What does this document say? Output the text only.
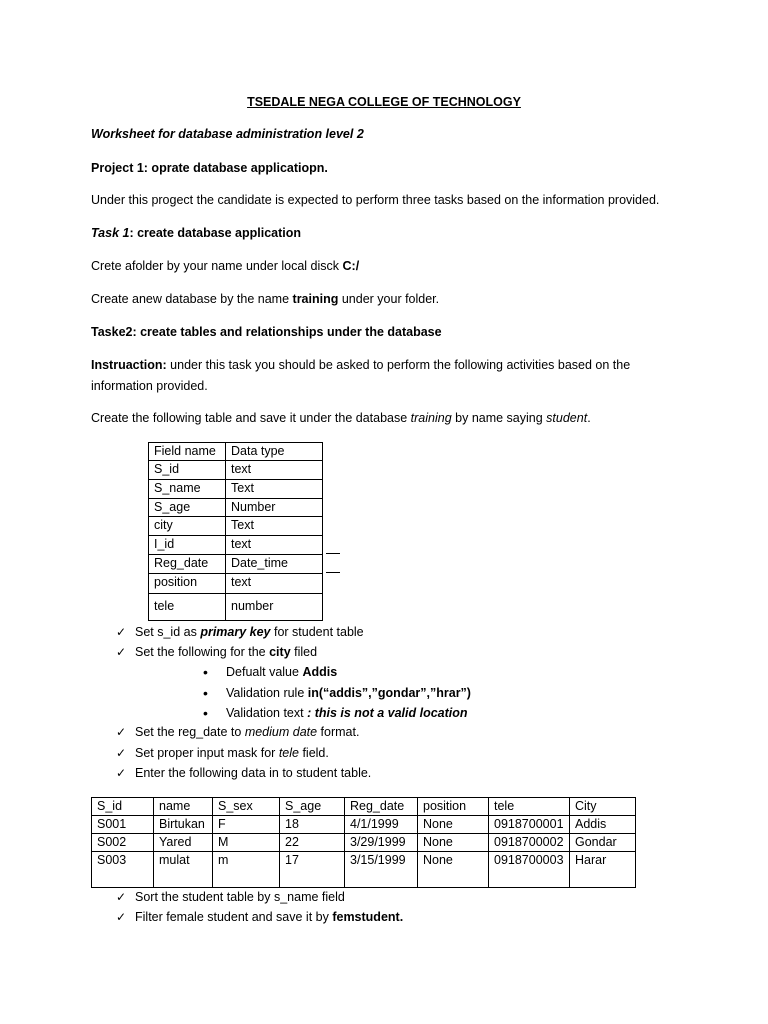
TSEDALE NEGA COLLEGE OF TECHNOLOGY
Worksheet for database administration level 2
Project 1: oprate database applicatiopn.
Under this progect the candidate is expected to perform three tasks based on the information provided.
Task 1: create database application
Crete afolder by your name under local disck C:/
Create anew database by the name training under your folder.
Taske2: create tables and relationships under the database
Instruaction: under this task you should be asked to perform the following activities based on the information provided.
Create the following table and save it under the database training by name saying student.
Field name	Data type
S_id	text
S_name	Text
S_age	Number
city	Text
I_id	text
Reg_date	Date_time
position	text
tele	number
✓ Set s_id as primary key for student table
✓ Set the following for the city filed
• Defualt value Addis
• Validation rule in(“addis”,”gondar”,”hrar”)
• Validation text : this is not a valid location
✓ Set the reg_date to medium date format.
✓ Set proper input mask for tele field.
✓ Enter the following data in to student table.
S_id	name	S_sex	S_age	Reg_date	position	tele	City
S001	Birtukan	F	18	4/1/1999	None	0918700001	Addis
S002	Yared	M	22	3/29/1999	None	0918700002	Gondar
S003	mulat	m	17	3/15/1999	None	0918700003	Harar
✓ Sort the student table by s_name field
✓ Filter female student and save it by femstudent.
